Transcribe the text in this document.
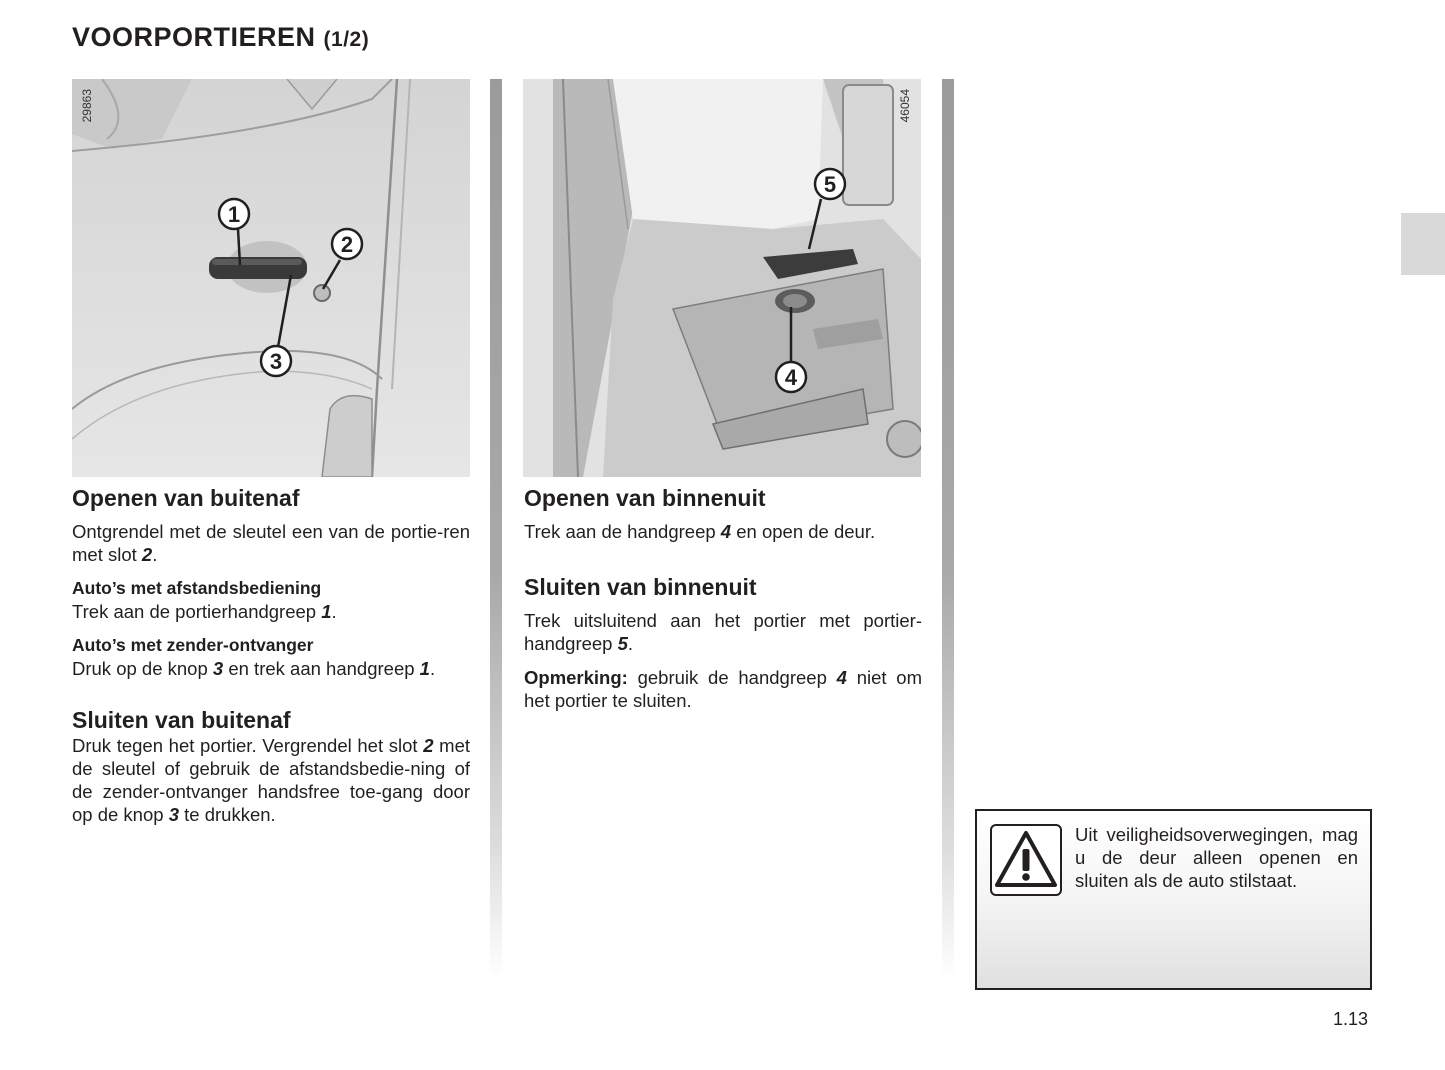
VOORPORTIEREN (1/2)
1
2
3
29863
5
4
46054
Openen van buitenaf

Ontgrendel met de sleutel een van de portie-ren met slot 2.

Auto’s met afstandsbediening

Trek aan de portierhandgreep 1.

Auto’s met zender-ontvanger

Druk op de knop 3 en trek aan handgreep 1.

Sluiten van buitenaf

Druk tegen het portier. Vergrendel het slot 2 met de sleutel of gebruik de afstandsbedie-ning of de zender-ontvanger handsfree toe-gang door op de knop 3 te drukken.

Openen van binnenuit

Trek aan de handgreep 4 en open de deur.

Sluiten van binnenuit

Trek uitsluitend aan het portier met portier-handgreep 5.

Opmerking: gebruik de handgreep 4 niet om het portier te sluiten.

Uit veiligheidsoverwegingen, mag u de deur alleen openen en sluiten als de auto stilstaat.

1.13
